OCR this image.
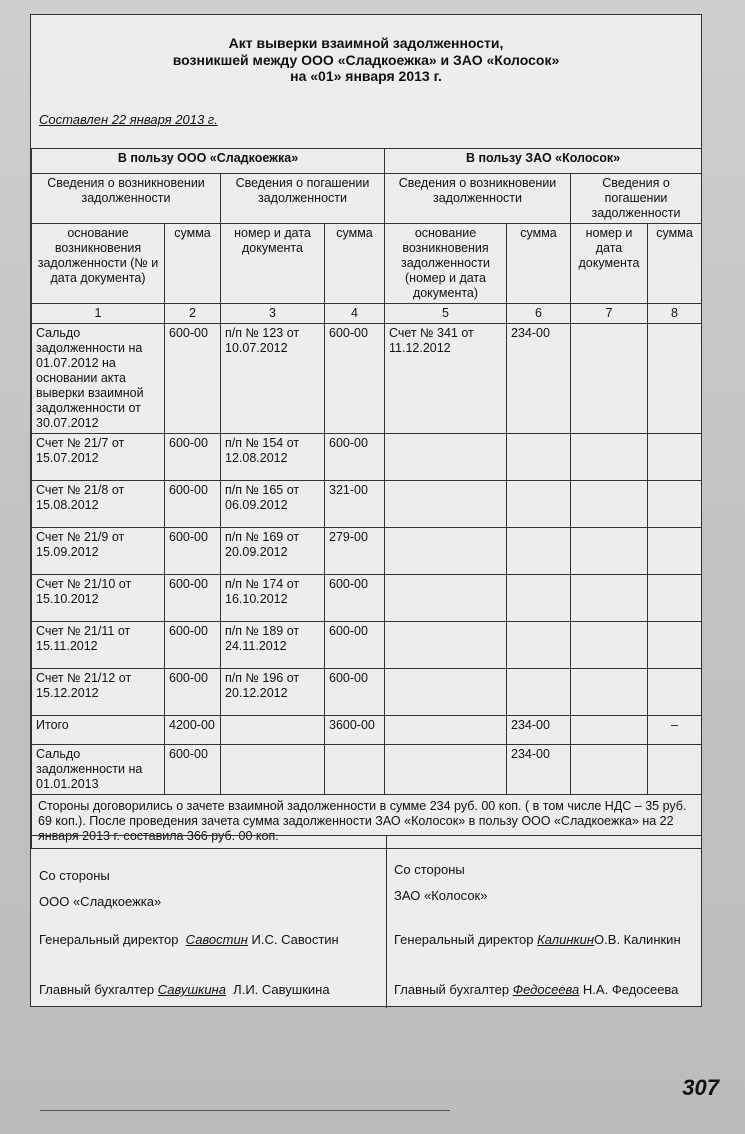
Акт выверки взаимной задолженности,
возникшей между ООО «Сладкоежка» и ЗАО «Колосок»
на «01» января 2013 г.
Составлен 22 января 2013 г.
В пользу ООО «Сладкоежка»				В пользу ЗАО «Колосок»			
Сведения о возникновении задолженности		Сведения о погашении задолженности		Сведения о возникновении задолженности		Сведения о погашении задолженности	
основание возникновения задолженности (№ и дата документа)	сумма	номер и дата документа	сумма	основание возникновения задолженности (номер и дата документа)	сумма	номер и дата документа	сумма
1	2	3	4	5	6	7	8
Сальдо задолженности на 01.07.2012 на основании акта выверки взаимной задолженности от 30.07.2012	600-00	п/п № 123 от 10.07.2012	600-00	Счет № 341 от 11.12.2012	234-00		
Счет № 21/7 от 15.07.2012	600-00	п/п № 154 от 12.08.2012	600-00				
Счет № 21/8 от 15.08.2012	600-00	п/п № 165 от 06.09.2012	321-00				
Счет № 21/9 от 15.09.2012	600-00	п/п № 169 от 20.09.2012	279-00				
Счет № 21/10 от 15.10.2012	600-00	п/п № 174 от 16.10.2012	600-00				
Счет № 21/11 от 15.11.2012	600-00	п/п № 189 от 24.11.2012	600-00				
Счет № 21/12 от 15.12.2012	600-00	п/п № 196 от 20.12.2012	600-00				
Итого	4200-00		3600-00		234-00		–
Сальдо задолженности на 01.01.2013	600-00				234-00		
Стороны договорились о зачете взаимной задолженности в сумме 234 руб. 00 коп. ( в том числе НДС – 35 руб. 69 коп.). После проведения зачета сумма задолженности ЗАО «Колосок» в пользу ООО «Сладкоежка» на 22 января 2013 г. составила 366 руб. 00 коп.							
Со стороны
ООО «Сладкоежка»
Генеральный директор Савостин И.С. Савостин
Главный бухгалтер Савушкина Л.И. Савушкина
Со стороны
ЗАО «Колосок»
Генеральный директор КалинкинО.В. Калинкин
Главный бухгалтер Федосеева Н.А. Федосеева
307
